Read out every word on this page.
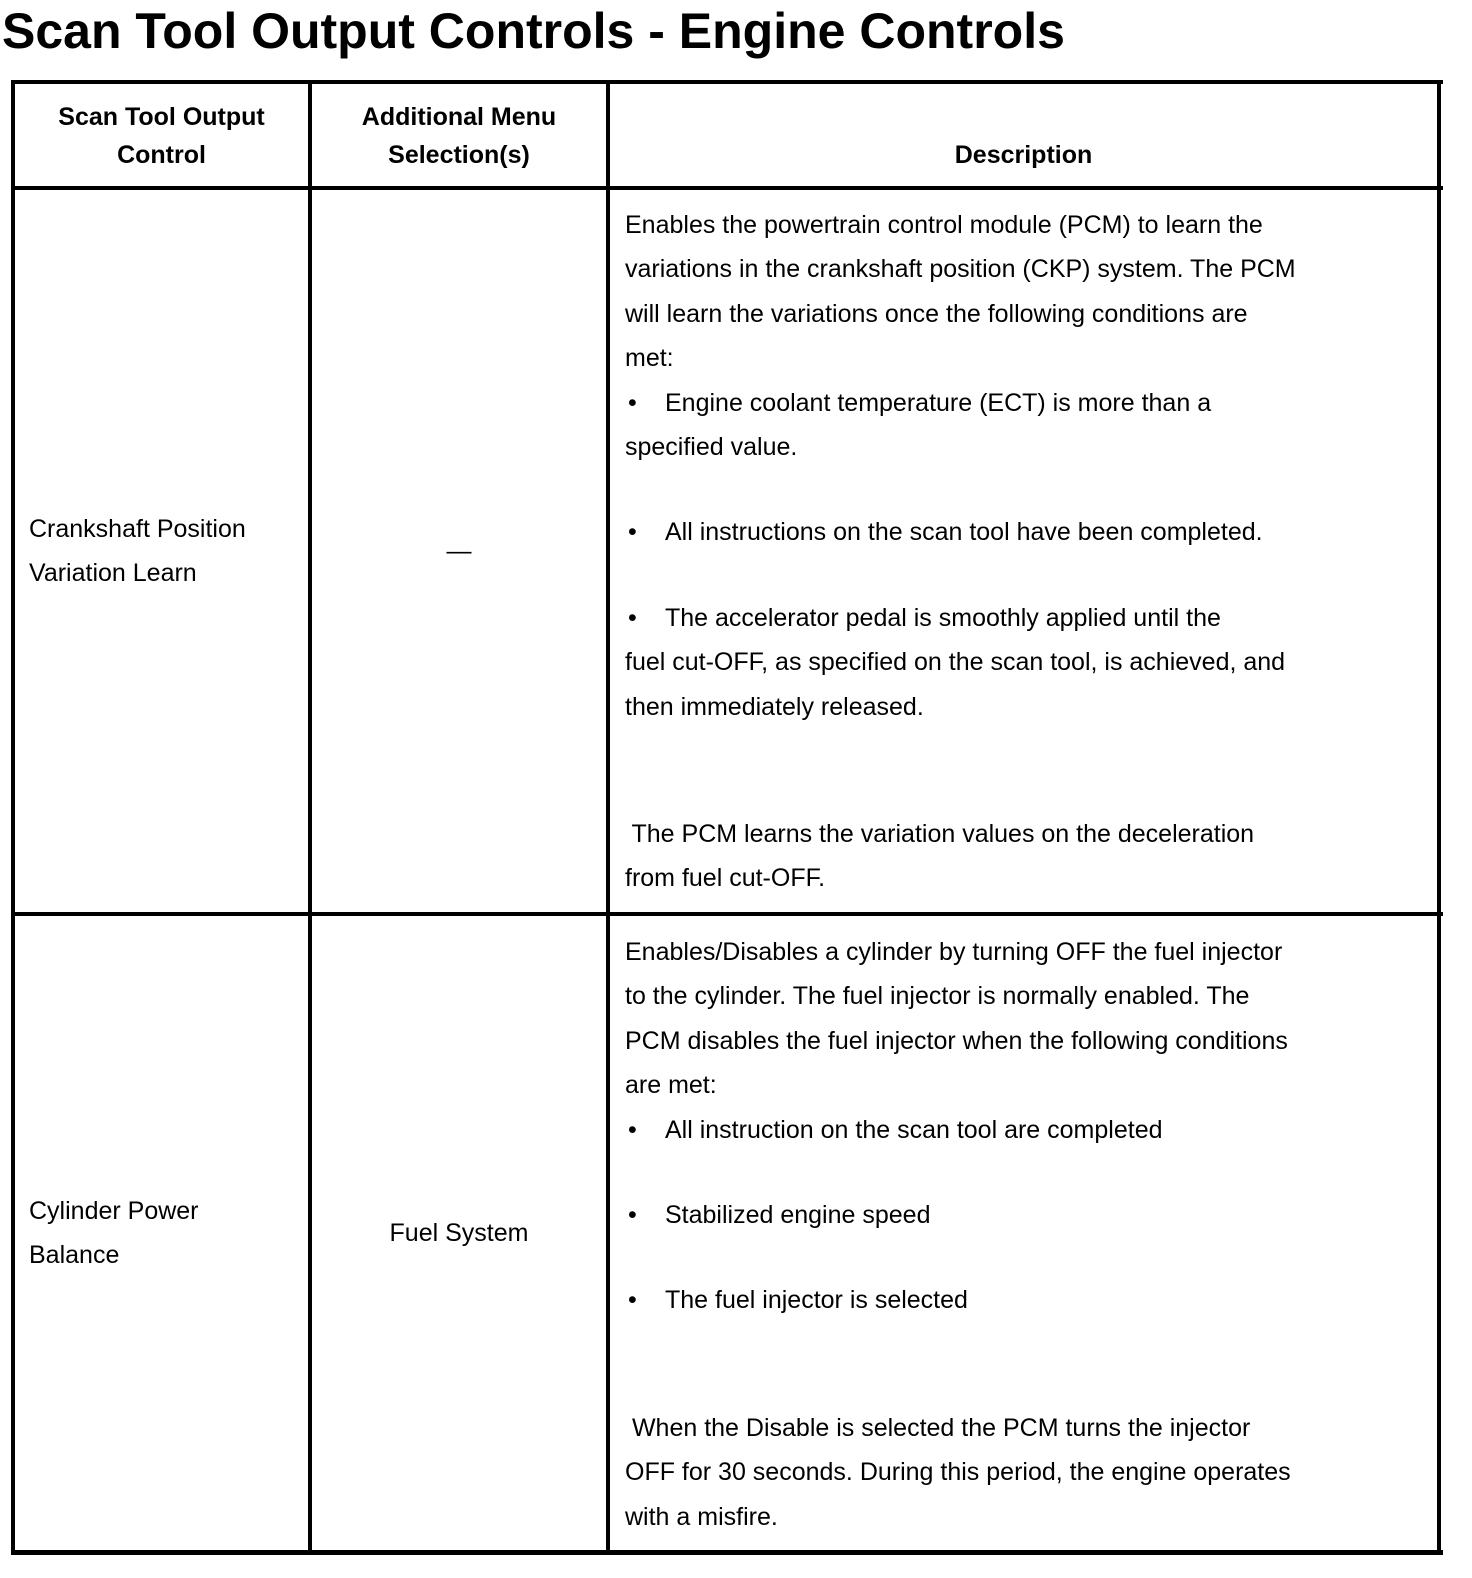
Scan Tool Output Controls - Engine Controls
Scan Tool Output
Control
Additional Menu
Selection(s)	Description
Crankshaft Position
Variation Learn
—
Enables the powertrain control module (PCM) to learn the
variations in the crankshaft position (CKP) system. The PCM
will learn the variations once the following conditions are
met:
• Engine coolant temperature (ECT) is more than a
specified value.
• All instructions on the scan tool have been completed.
• The accelerator pedal is smoothly applied until the
fuel cut-OFF, as specified on the scan tool, is achieved, and
then immediately released.
The PCM learns the variation values on the deceleration
from fuel cut-OFF.
Cylinder Power
Balance
Fuel System
Enables/Disables a cylinder by turning OFF the fuel injector
to the cylinder. The fuel injector is normally enabled. The
PCM disables the fuel injector when the following conditions
are met:
• All instruction on the scan tool are completed
• Stabilized engine speed
• The fuel injector is selected
When the Disable is selected the PCM turns the injector
OFF for 30 seconds. During this period, the engine operates
with a misfire.
